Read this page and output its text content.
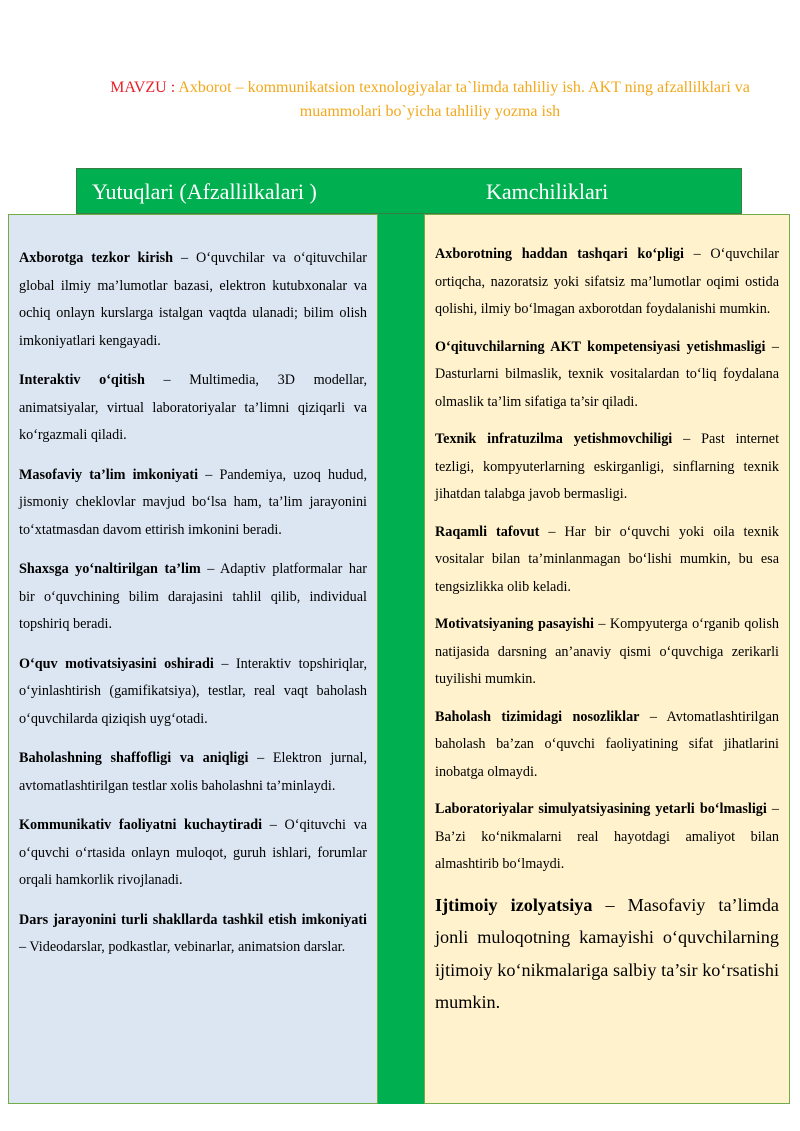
MAVZU : Axborot – kommunikatsion texnologiyalar ta`limda tahliliy ish. AKT ning afzallilklari va muammolari bo`yicha tahliliy yozma ish
Yutuqlari (Afzallilkalari )	Kamchiliklari

Axborotga tezkor kirish – O‘quvchilar va o‘qituvchilar global ilmiy ma’lumotlar bazasi, elektron kutubxonalar va ochiq onlayn kurslarga istalgan vaqtda ulanadi; bilim olish imkoniyatlari kengayadi.

Interaktiv o‘qitish – Multimedia, 3D modellar, animatsiyalar, virtual laboratoriyalar ta’limni qiziqarli va ko‘rgazmali qiladi.

Masofaviy ta’lim imkoniyati – Pandemiya, uzoq hudud, jismoniy cheklovlar mavjud bo‘lsa ham, ta’lim jarayonini to‘xtatmasdan davom ettirish imkonini beradi.

Shaxsga yo‘naltirilgan ta’lim – Adaptiv platformalar har bir o‘quvchining bilim darajasini tahlil qilib, individual topshiriq beradi.

O‘quv motivatsiyasini oshiradi – Interaktiv topshiriqlar, o‘yinlashtirish (gamifikatsiya), testlar, real vaqt baholash o‘quvchilarda qiziqish uyg‘otadi.

Baholashning shaffofligi va aniqligi – Elektron jurnal, avtomatlashtirilgan testlar xolis baholashni ta’minlaydi.

Kommunikativ faoliyatni kuchaytiradi – O‘qituvchi va o‘quvchi o‘rtasida onlayn muloqot, guruh ishlari, forumlar orqali hamkorlik rivojlanadi.

Dars jarayonini turli shakllarda tashkil etish imkoniyati – Videodarslar, podkastlar, vebinarlar, animatsion darslar.

Axborotning haddan tashqari ko‘pligi – O‘quvchilar ortiqcha, nazoratsiz yoki sifatsiz ma’lumotlar oqimi ostida qolishi, ilmiy bo‘lmagan axborotdan foydalanishi mumkin.

O‘qituvchilarning AKT kompetensiyasi yetishmasligi – Dasturlarni bilmaslik, texnik vositalardan to‘liq foydalana olmaslik ta’lim sifatiga ta’sir qiladi.

Texnik infratuzilma yetishmovchiligi – Past internet tezligi, kompyuterlarning eskirganligi, sinflarning texnik jihatdan talabga javob bermasligi.

Raqamli tafovut – Har bir o‘quvchi yoki oila texnik vositalar bilan ta’minlanmagan bo‘lishi mumkin, bu esa tengsizlikka olib keladi.

Motivatsiyaning pasayishi – Kompyuterga o‘rganib qolish natijasida darsning an’anaviy qismi o‘quvchiga zerikarli tuyilishi mumkin.

Baholash tizimidagi nosozliklar – Avtomatlashtirilgan baholash ba’zan o‘quvchi faoliyatining sifat jihatlarini inobatga olmaydi.

Laboratoriyalar simulyatsiyasining yetarli bo‘lmasligi – Ba’zi ko‘nikmalarni real hayotdagi amaliyot bilan almashtirib bo‘lmaydi.

Ijtimoiy izolyatsiya – Masofaviy ta’limda jonli muloqotning kamayishi o‘quvchilarning ijtimoiy ko‘nikmalariga salbiy ta’sir ko‘rsatishi mumkin.
